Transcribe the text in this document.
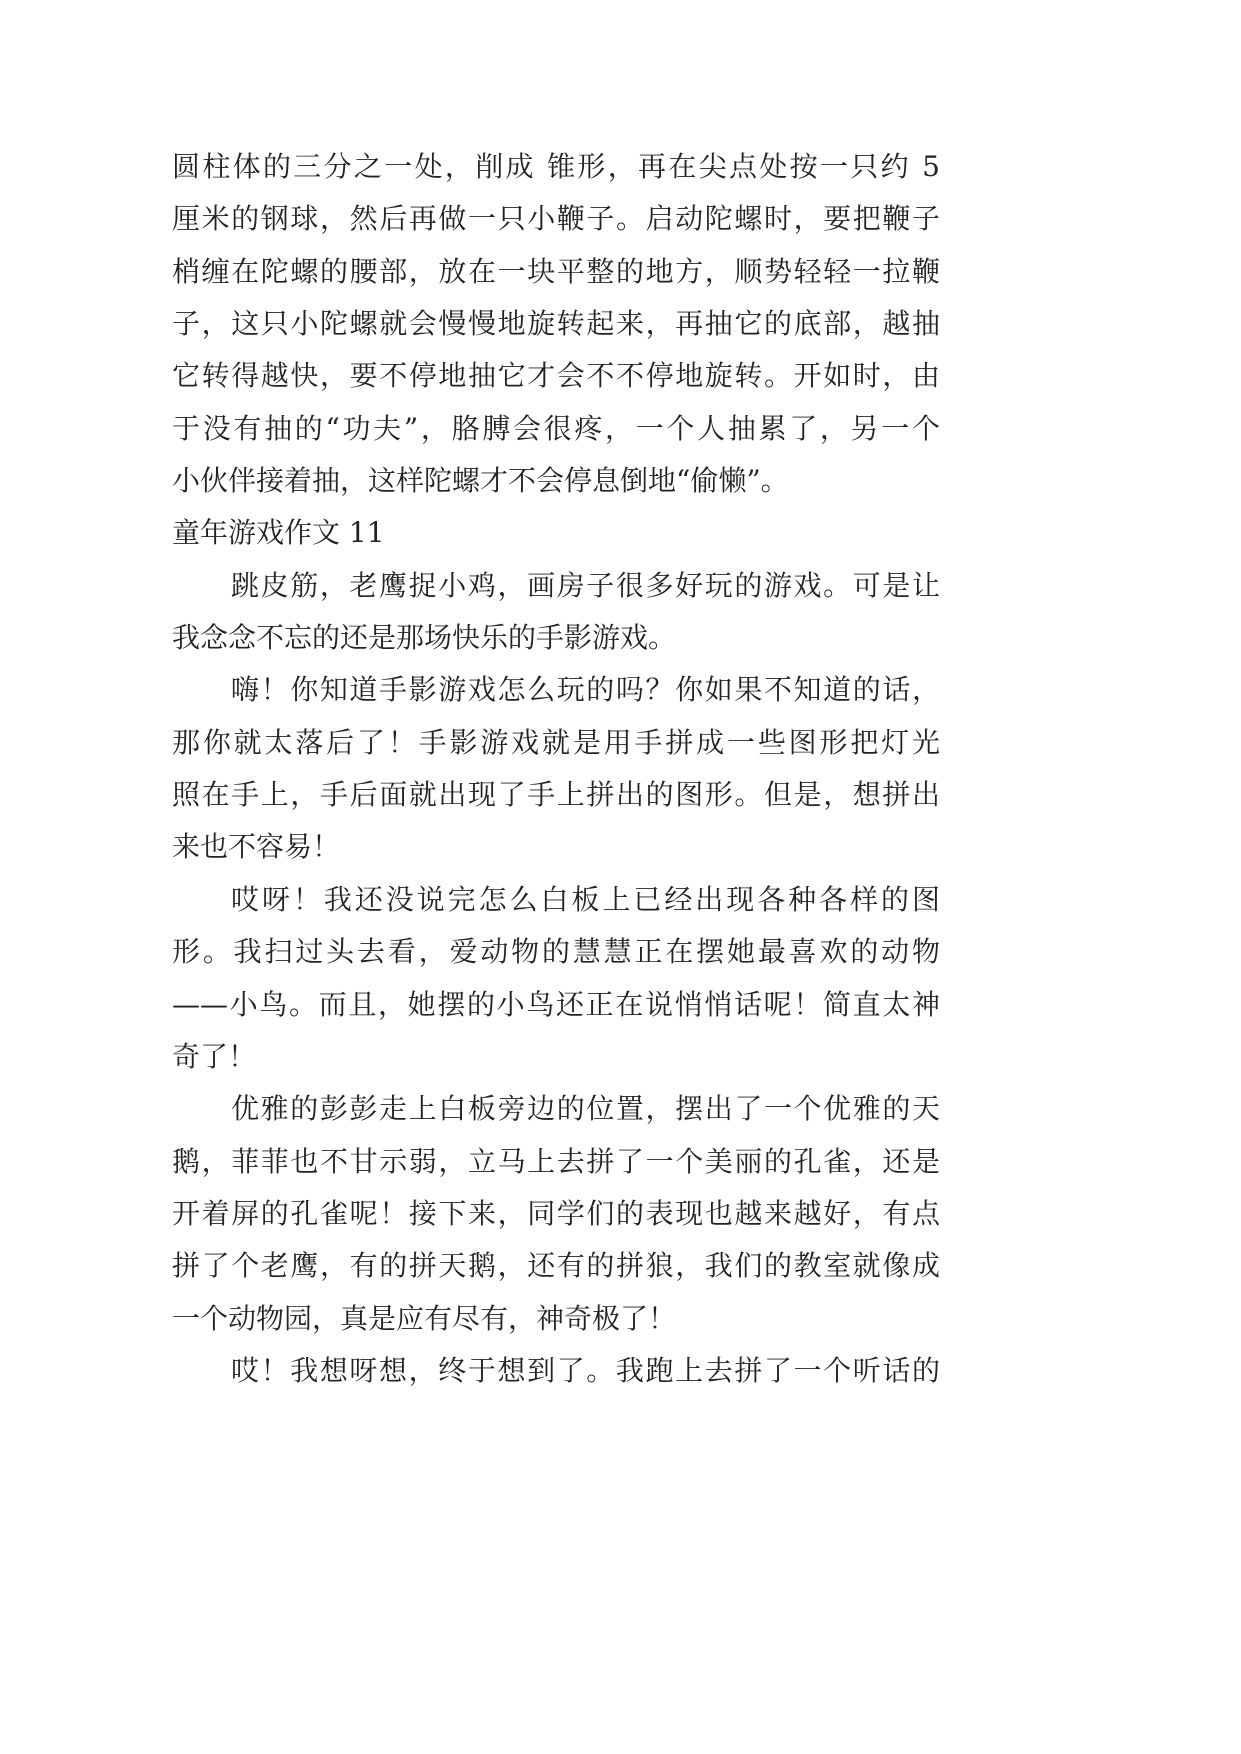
圆柱体的三分之一处，削成 锥形，再在尖点处按一只约 5
厘米的钢球，然后再做一只小鞭子。启动陀螺时，要把鞭子
梢缠在陀螺的腰部，放在一块平整的地方，顺势轻轻一拉鞭
子，这只小陀螺就会慢慢地旋转起来，再抽它的底部，越抽
它转得越快，要不停地抽它才会不不停地旋转。开如时，由
于没有抽的“功夫”，胳膊会很疼，一个人抽累了，另一个
小伙伴接着抽，这样陀螺才不会停息倒地“偷懒”。
童年游戏作文 11
跳皮筋，老鹰捉小鸡，画房子很多好玩的游戏。可是让
我念念不忘的还是那场快乐的手影游戏。
嗨！你知道手影游戏怎么玩的吗？你如果不知道的话，
那你就太落后了！手影游戏就是用手拼成一些图形把灯光
照在手上，手后面就出现了手上拼出的图形。但是，想拼出
来也不容易！
哎呀！我还没说完怎么白板上已经出现各种各样的图
形。我扫过头去看，爱动物的慧慧正在摆她最喜欢的动物
——小鸟。而且，她摆的小鸟还正在说悄悄话呢！简直太神
奇了！
优雅的彭彭走上白板旁边的位置，摆出了一个优雅的天
鹅，菲菲也不甘示弱，立马上去拼了一个美丽的孔雀，还是
开着屏的孔雀呢！接下来，同学们的表现也越来越好，有点
拼了个老鹰，有的拼天鹅，还有的拼狼，我们的教室就像成
一个动物园，真是应有尽有，神奇极了！
哎！我想呀想，终于想到了。我跑上去拼了一个听话的
